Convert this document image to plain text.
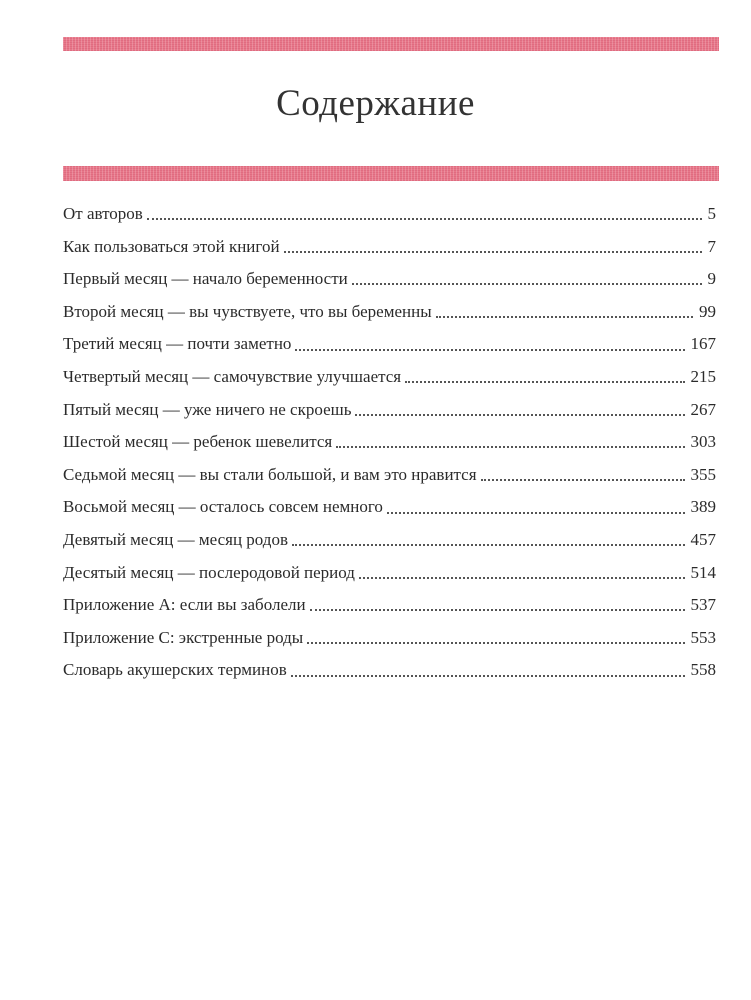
Содержание
От авторов	5
Как пользоваться этой книгой	7
Первый месяц — начало беременности	9
Второй месяц — вы чувствуете, что вы беременны	99
Третий месяц — почти заметно	167
Четвертый месяц — самочувствие улучшается	215
Пятый месяц — уже ничего не скроешь	267
Шестой месяц — ребенок шевелится	303
Седьмой месяц — вы стали большой, и вам это нравится	355
Восьмой месяц — осталось совсем немного	389
Девятый месяц — месяц родов	457
Десятый месяц — послеродовой период	514
Приложение А: если вы заболели	537
Приложение С: экстренные роды	553
Словарь акушерских терминов	558
